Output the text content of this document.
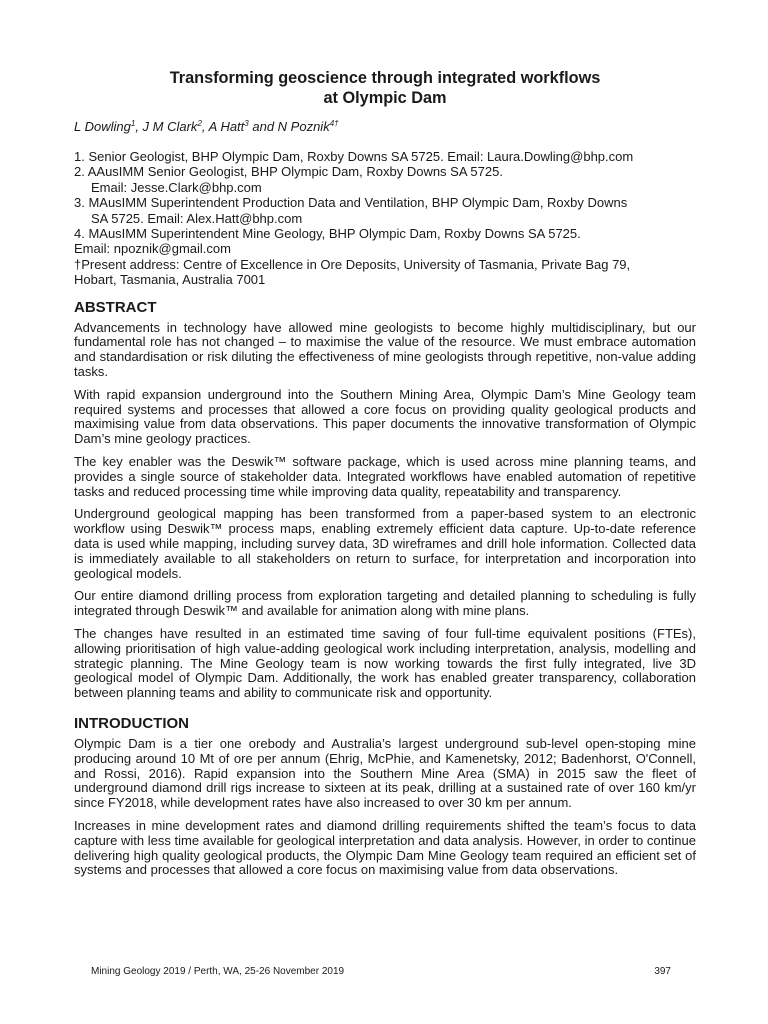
Transforming geoscience through integrated workflows
at Olympic Dam
L Dowling$^1$, J M Clark$^2$, A Hatt$^3$ and N Poznik$^{4\dagger}$
1. Senior Geologist, BHP Olympic Dam, Roxby Downs SA 5725. Email: Laura.Dowling@bhp.com
2. AAusIMM Senior Geologist, BHP Olympic Dam, Roxby Downs SA 5725.
Email: Jesse.Clark@bhp.com
3. MAusIMM Superintendent Production Data and Ventilation, BHP Olympic Dam, Roxby Downs
SA 5725. Email: Alex.Hatt@bhp.com
4. MAusIMM Superintendent Mine Geology, BHP Olympic Dam, Roxby Downs SA 5725.
Email: npoznik@gmail.com
†Present address: Centre of Excellence in Ore Deposits, University of Tasmania, Private Bag 79,
Hobart, Tasmania, Australia 7001
ABSTRACT

Advancements in technology have allowed mine geologists to become highly multidisciplinary, but our fundamental role has not changed – to maximise the value of the resource. We must embrace automation and standardisation or risk diluting the effectiveness of mine geologists through repetitive, non-value adding tasks.

With rapid expansion underground into the Southern Mining Area, Olympic Dam’s Mine Geology team required systems and processes that allowed a core focus on providing quality geological products and maximising value from data observations. This paper documents the innovative transformation of Olympic Dam’s mine geology practices.

The key enabler was the Deswik™ software package, which is used across mine planning teams, and provides a single source of stakeholder data. Integrated workflows have enabled automation of repetitive tasks and reduced processing time while improving data quality, repeatability and transparency.

Underground geological mapping has been transformed from a paper-based system to an electronic workflow using Deswik™ process maps, enabling extremely efficient data capture. Up-to-date reference data is used while mapping, including survey data, 3D wireframes and drill hole information. Collected data is immediately available to all stakeholders on return to surface, for interpretation and incorporation into geological models.

Our entire diamond drilling process from exploration targeting and detailed planning to scheduling is fully integrated through Deswik™ and available for animation along with mine plans.

The changes have resulted in an estimated time saving of four full-time equivalent positions (FTEs), allowing prioritisation of high value-adding geological work including interpretation, analysis, modelling and strategic planning. The Mine Geology team is now working towards the first fully integrated, live 3D geological model of Olympic Dam. Additionally, the work has enabled greater transparency, collaboration between planning teams and ability to communicate risk and opportunity.

INTRODUCTION

Olympic Dam is a tier one orebody and Australia’s largest underground sub-level open-stoping mine producing around 10 Mt of ore per annum (Ehrig, McPhie, and Kamenetsky, 2012; Badenhorst, O'Connell, and Rossi, 2016). Rapid expansion into the Southern Mine Area (SMA) in 2015 saw the fleet of underground diamond drill rigs increase to sixteen at its peak, drilling at a sustained rate of over 160 km/yr since FY2018, while development rates have also increased to over 30 km per annum.

Increases in mine development rates and diamond drilling requirements shifted the team’s focus to data capture with less time available for geological interpretation and data analysis. However, in order to continue delivering high quality geological products, the Olympic Dam Mine Geology team required an efficient set of systems and processes that allowed a core focus on maximising value from data observations.

Mining Geology 2019 / Perth, WA, 25-26 November 2019	397
